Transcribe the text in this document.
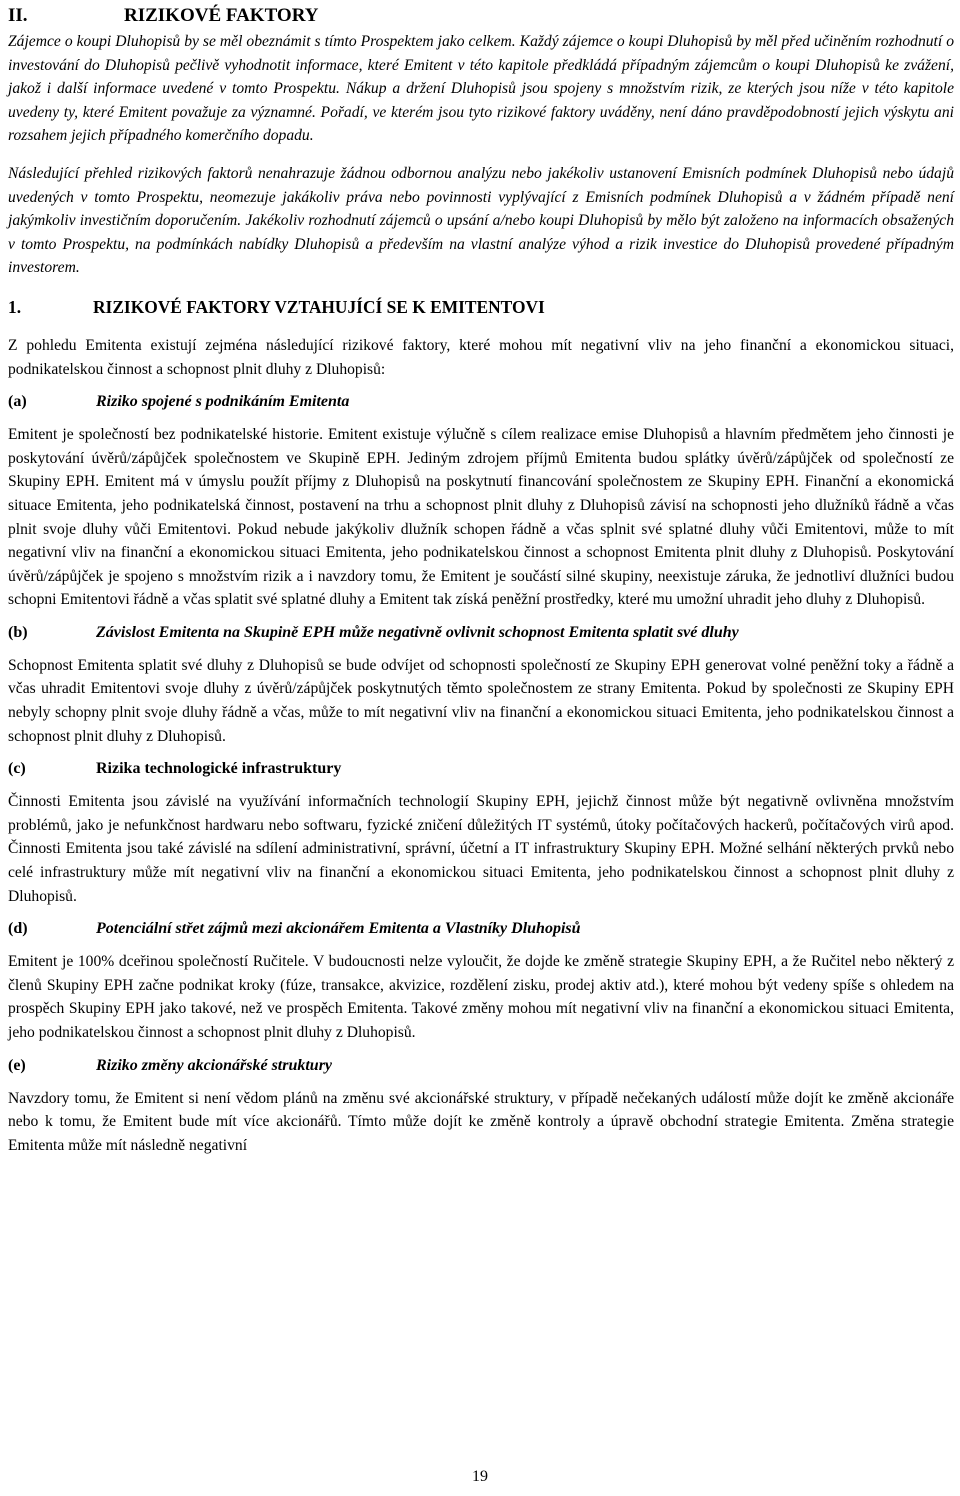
II.	RIZIKOVÉ FAKTORY

Zájemce o koupi Dluhopisů by se měl obeznámit s tímto Prospektem jako celkem. Každý zájemce o koupi Dluhopisů by měl před učiněním rozhodnutí o investování do Dluhopisů pečlivě vyhodnotit informace, které Emitent v této kapitole předkládá případným zájemcům o koupi Dluhopisů ke zvážení, jakož i další informace uvedené v tomto Prospektu. Nákup a držení Dluhopisů jsou spojeny s množstvím rizik, ze kterých jsou níže v této kapitole uvedeny ty, které Emitent považuje za významné. Pořadí, ve kterém jsou tyto rizikové faktory uváděny, není dáno pravděpodobností jejich výskytu ani rozsahem jejich případného komerčního dopadu.

Následující přehled rizikových faktorů nenahrazuje žádnou odbornou analýzu nebo jakékoliv ustanovení Emisních podmínek Dluhopisů nebo údajů uvedených v tomto Prospektu, neomezuje jakákoliv práva nebo povinnosti vyplývající z Emisních podmínek Dluhopisů a v žádném případě není jakýmkoliv investičním doporučením. Jakékoliv rozhodnutí zájemců o upsání a/nebo koupi Dluhopisů by mělo být založeno na informacích obsažených v tomto Prospektu, na podmínkách nabídky Dluhopisů a především na vlastní analýze výhod a rizik investice do Dluhopisů provedené případným investorem.

1.	RIZIKOVÉ FAKTORY VZTAHUJÍCÍ SE K EMITENTOVI

Z pohledu Emitenta existují zejména následující rizikové faktory, které mohou mít negativní vliv na jeho finanční a ekonomickou situaci, podnikatelskou činnost a schopnost plnit dluhy z Dluhopisů:

(a)	Riziko spojené s podnikáním Emitenta

Emitent je společností bez podnikatelské historie. Emitent existuje výlučně s cílem realizace emise Dluhopisů a hlavním předmětem jeho činnosti je poskytování úvěrů/zápůjček společnostem ve Skupině EPH. Jediným zdrojem příjmů Emitenta budou splátky úvěrů/zápůjček od společností ze Skupiny EPH. Emitent má v úmyslu použít příjmy z Dluhopisů na poskytnutí financování společnostem ze Skupiny EPH. Finanční a ekonomická situace Emitenta, jeho podnikatelská činnost, postavení na trhu a schopnost plnit dluhy z Dluhopisů závisí na schopnosti jeho dlužníků řádně a včas plnit svoje dluhy vůči Emitentovi. Pokud nebude jakýkoliv dlužník schopen řádně a včas splnit své splatné dluhy vůči Emitentovi, může to mít negativní vliv na finanční a ekonomickou situaci Emitenta, jeho podnikatelskou činnost a schopnost Emitenta plnit dluhy z Dluhopisů. Poskytování úvěrů/zápůjček je spojeno s množstvím rizik a i navzdory tomu, že Emitent je součástí silné skupiny, neexistuje záruka, že jednotliví dlužníci budou schopni Emitentovi řádně a včas splatit své splatné dluhy a Emitent tak získá peněžní prostředky, které mu umožní uhradit jeho dluhy z Dluhopisů.

(b)	Závislost Emitenta na Skupině EPH může negativně ovlivnit schopnost Emitenta splatit své dluhy

Schopnost Emitenta splatit své dluhy z Dluhopisů se bude odvíjet od schopnosti společností ze Skupiny EPH generovat volné peněžní toky a řádně a včas uhradit Emitentovi svoje dluhy z úvěrů/zápůjček poskytnutých těmto společnostem ze strany Emitenta. Pokud by společnosti ze Skupiny EPH nebyly schopny plnit svoje dluhy řádně a včas, může to mít negativní vliv na finanční a ekonomickou situaci Emitenta, jeho podnikatelskou činnost a schopnost plnit dluhy z Dluhopisů.

(c)	Rizika technologické infrastruktury

Činnosti Emitenta jsou závislé na využívání informačních technologií Skupiny EPH, jejichž činnost může být negativně ovlivněna množstvím problémů, jako je nefunkčnost hardwaru nebo softwaru, fyzické zničení důležitých IT systémů, útoky počítačových hackerů, počítačových virů apod. Činnosti Emitenta jsou také závislé na sdílení administrativní, správní, účetní a IT infrastruktury Skupiny EPH. Možné selhání některých prvků nebo celé infrastruktury může mít negativní vliv na finanční a ekonomickou situaci Emitenta, jeho podnikatelskou činnost a schopnost plnit dluhy z Dluhopisů.

(d)	Potenciální střet zájmů mezi akcionářem Emitenta a Vlastníky Dluhopisů

Emitent je 100% dceřinou společností Ručitele. V budoucnosti nelze vyloučit, že dojde ke změně strategie Skupiny EPH, a že Ručitel nebo některý z členů Skupiny EPH začne podnikat kroky (fúze, transakce, akvizice, rozdělení zisku, prodej aktiv atd.), které mohou být vedeny spíše s ohledem na prospěch Skupiny EPH jako takové, než ve prospěch Emitenta. Takové změny mohou mít negativní vliv na finanční a ekonomickou situaci Emitenta, jeho podnikatelskou činnost a schopnost plnit dluhy z Dluhopisů.

(e)	Riziko změny akcionářské struktury

Navzdory tomu, že Emitent si není vědom plánů na změnu své akcionářské struktury, v případě nečekaných událostí může dojít ke změně akcionáře nebo k tomu, že Emitent bude mít více akcionářů. Tímto může dojít ke změně kontroly a úpravě obchodní strategie Emitenta. Změna strategie Emitenta může mít následně negativní

19
